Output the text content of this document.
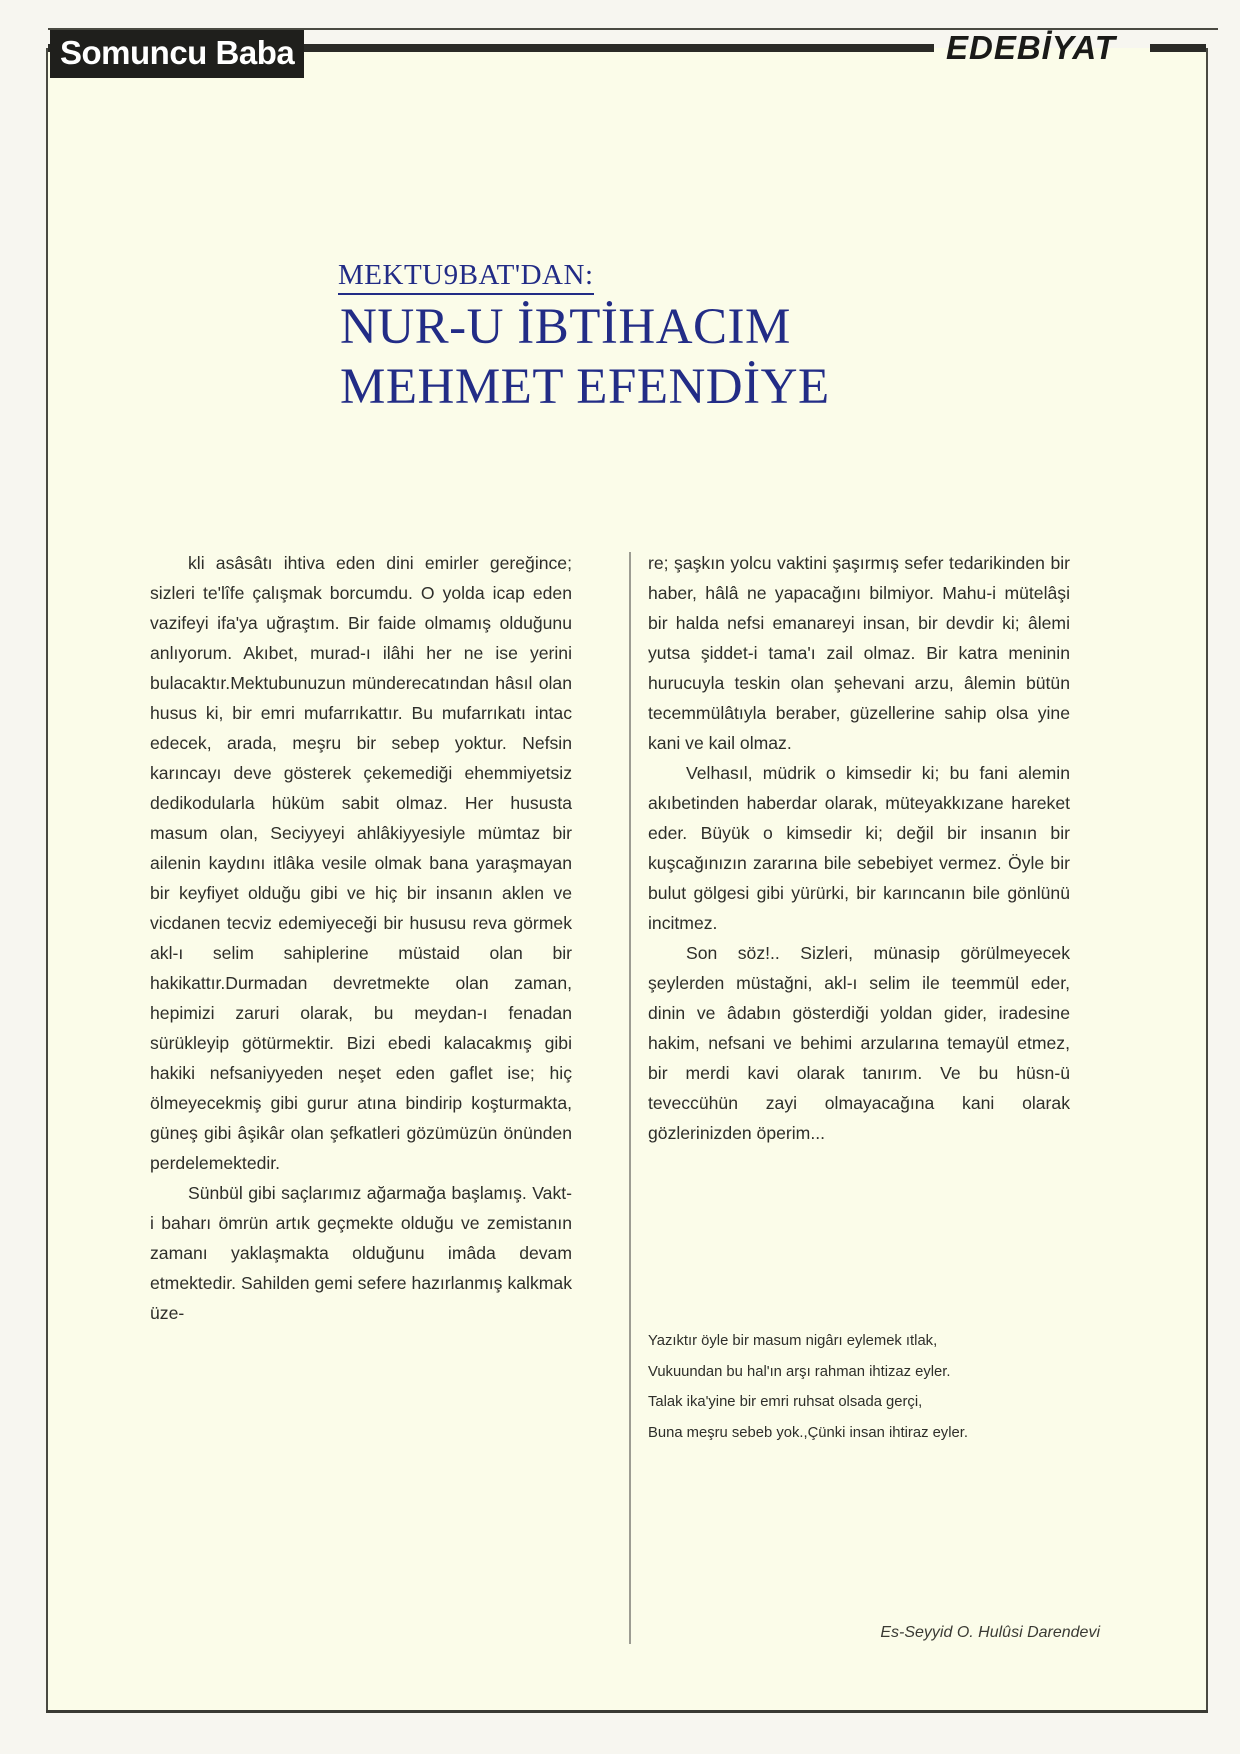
Somuncu Baba	EDEBİYAT
MEKTU9BAT'DAN:
NUR-U İBTİHACIM
MEHMET EFENDİYE

kli asâsâtı ihtiva eden dini emirler gereğince; sizleri te'lîfe çalışmak borcumdu. O yolda icap eden vazifeyi ifa'ya uğraştım. Bir faide olmamış olduğunu anlıyorum. Akıbet, murad-ı ilâhi her ne ise yerini bulacaktır.Mektubunuzun münderecatından hâsıl olan husus ki, bir emri mufarrıkattır. Bu mufarrıkatı intac edecek, arada, meşru bir sebep yoktur. Nefsin karıncayı deve gösterek çekemediği ehemmiyetsiz dedikodularla hüküm sabit olmaz. Her hususta masum olan, Seciyyeyi ahlâkiyyesiyle mümtaz bir ailenin kaydını itlâka vesile olmak bana yaraşmayan bir keyfiyet olduğu gibi ve hiç bir insanın aklen ve vicdanen tecviz edemiyeceği bir hususu reva görmek akl-ı selim sahiplerine müstaid olan bir hakikattır.Durmadan devretmekte olan zaman, hepimizi zaruri olarak, bu meydan-ı fenadan sürükleyip götürmektir. Bizi ebedi kalacakmış gibi hakiki nefsaniyyeden neşet eden gaflet ise; hiç ölmeyecekmiş gibi gurur atına bindirip koşturmakta, güneş gibi âşikâr olan şefkatleri gözümüzün önünden perdelemektedir.

Sünbül gibi saçlarımız ağarmağa başlamış. Vakt-i baharı ömrün artık geçmekte olduğu ve zemistanın zamanı yaklaşmakta olduğunu imâda devam etmektedir. Sahilden gemi sefere hazırlanmış kalkmak üze-

re; şaşkın yolcu vaktini şaşırmış sefer tedarikinden bir haber, hâlâ ne yapacağını bilmiyor. Mahu-i mütelâşi bir halda nefsi emanareyi insan, bir devdir ki; âlemi yutsa şiddet-i tama'ı zail olmaz. Bir katra meninin hurucuyla teskin olan şehevani arzu, âlemin bütün tecemmülâtıyla beraber, güzellerine sahip olsa yine kani ve kail olmaz.

Velhasıl, müdrik o kimsedir ki; bu fani alemin akıbetinden haberdar olarak, müteyakkızane hareket eder. Büyük o kimsedir ki; değil bir insanın bir kuşcağınızın zararına bile sebebiyet vermez. Öyle bir bulut gölgesi gibi yürürki, bir karıncanın bile gönlünü incitmez.

Son söz!.. Sizleri, münasip görülmeyecek şeylerden müstağni, akl-ı selim ile teemmül eder, dinin ve âdabın gösterdiği yoldan gider, iradesine hakim, nefsani ve behimi arzularına temayül etmez, bir merdi kavi olarak tanırım. Ve bu hüsn-ü teveccühün zayi olmayacağına kani olarak gözlerinizden öperim...

Yazıktır öyle bir masum nigârı eylemek ıtlak,
Vukuundan bu hal'ın arşı rahman ihtizaz eyler.
Talak ika'yine bir emri ruhsat olsada gerçi,
Buna meşru sebeb yok.,Çünki insan ihtiraz eyler.
Es-Seyyid O. Hulûsi Darendevi
